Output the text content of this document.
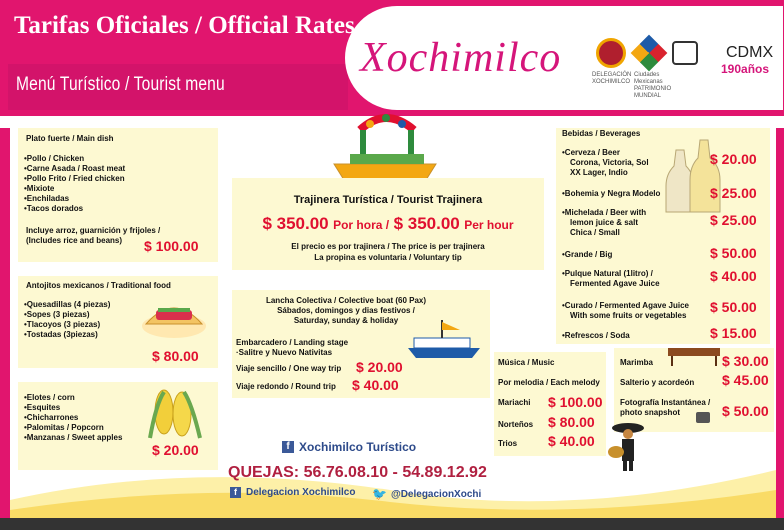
Tarifas Oficiales / Official Rates
Menú Turístico / Tourist menu
Xochimilco	DELEGACIÓN XOCHIMILCO
Ciudades Mexicanas PATRIMONIO MUNDIAL
CDMX
190años
Plato fuerte / Main dish
•Pollo / Chicken
•Carne Asada / Roast meat
•Pollo Frito / Fried chicken
•Mixiote
•Enchiladas
•Tacos dorados
Incluye arroz, guarnición y frijoles /
(Includes rice and beans) $ 100.00
Antojitos mexicanos / Traditional food
•Quesadillas (4 piezas)
•Sopes (3 piezas)
•Tlacoyos (3 piezas)
•Tostadas (3piezas)
$ 80.00
•Elotes / corn
•Esquites
•Chicharrones
•Palomitas / Popcorn
•Manzanas / Sweet apples
$ 20.00
Trajinera Turística / Tourist Trajinera
$ 350.00 Por hora / $ 350.00 Per hour
El precio es por trajinera / The price is per trajinera
La propina es voluntaria / Voluntary tip
Lancha Colectiva / Colective boat (60 Pax)
Sábados, domingos y dias festivos /
Saturday, sunday & holiday
Embarcadero / Landing stage
·Salitre y Nuevo Nativitas
Viaje sencillo / One way trip $ 20.00
Viaje redondo / Round trip $ 40.00
Bebidas / Beverages
•Cerveza / Beer
Corona, Victoria, Sol
XX Lager, Indio
$ 20.00
•Bohemia y Negra Modelo	$ 25.00
•Michelada / Beer with
lemon juice & salt
Chica / Small
$ 25.00
•Grande / Big	$ 50.00
•Pulque Natural (1litro) /
Fermented Agave Juice	$ 40.00
•Curado / Fermented Agave Juice
With some fruits or vegetables
$ 50.00
•Refrescos / Soda	$ 15.00
Música / Music
Por melodia / Each melody
Mariachi $ 100.00
Norteños $ 80.00
Trios $ 40.00
Marimba	$ 30.00
Salterio y acordeón $ 45.00
Fotografía Instantánea /
photo snapshot	$ 50.00
f Xochimilco Turístico
QUEJAS: 56.76.08.10 - 54.89.12.92
f Delegacion Xochimilco 🐦 @DelegacionXochi
